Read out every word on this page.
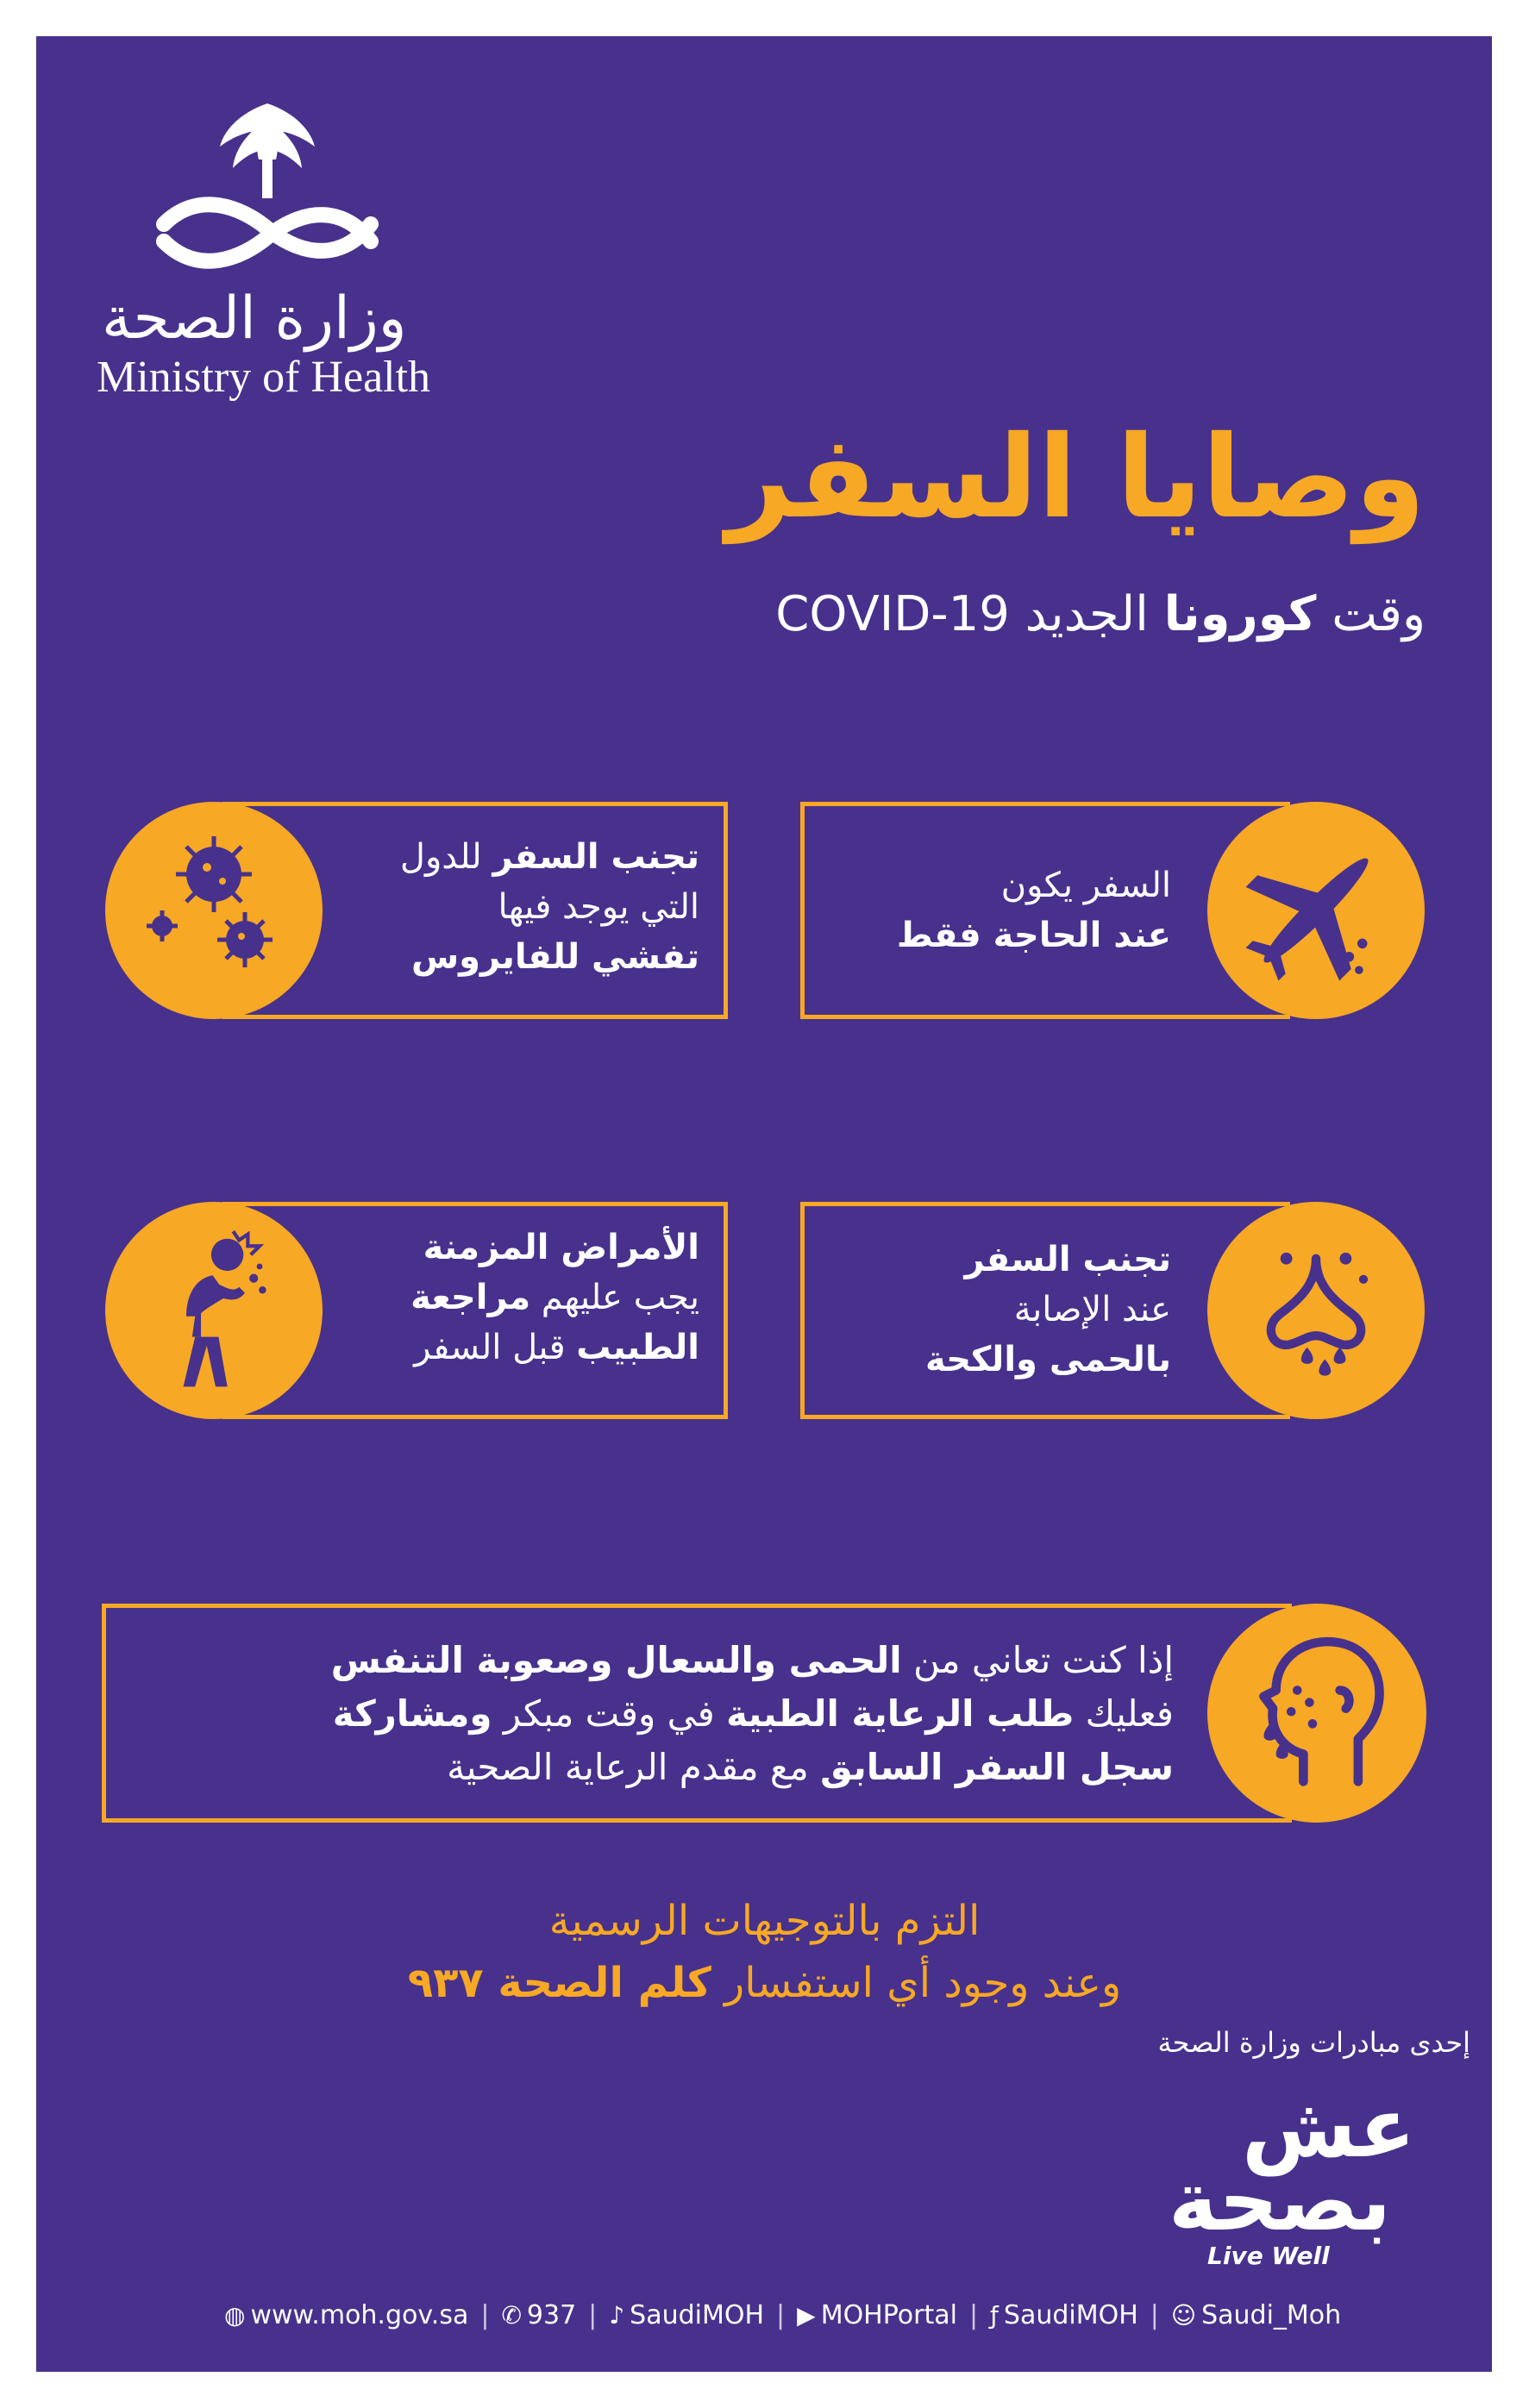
وزارة الصحة
Ministry of Health
وصايا السفر
وقت كورونا الجديد COVID-19
السفر يكون
عند الحاجة فقط
تجنب السفر للدول
التي يوجد فيها
تفشي للفايروس
تجنب السفر
عند الإصابة
بالحمى والكحة
الأمراض المزمنة
يجب عليهم مراجعة
الطبيب قبل السفر
إذا كنت تعاني من الحمى والسعال وصعوبة التنفس
فعليك طلب الرعاية الطبية في وقت مبكر ومشاركة
سجل السفر السابق مع مقدم الرعاية الصحية
التزم بالتوجيهات الرسمية
وعند وجود أي استفسار كلم الصحة ٩٣٧
إحدى مبادرات وزارة الصحة
عش
بصحة
Live Well
◍ www.moh.gov.sa | ✆ 937 | ♪ SaudiMOH | ▶ MOHPortal | ƒ SaudiMOH | ☺ Saudi_Moh
